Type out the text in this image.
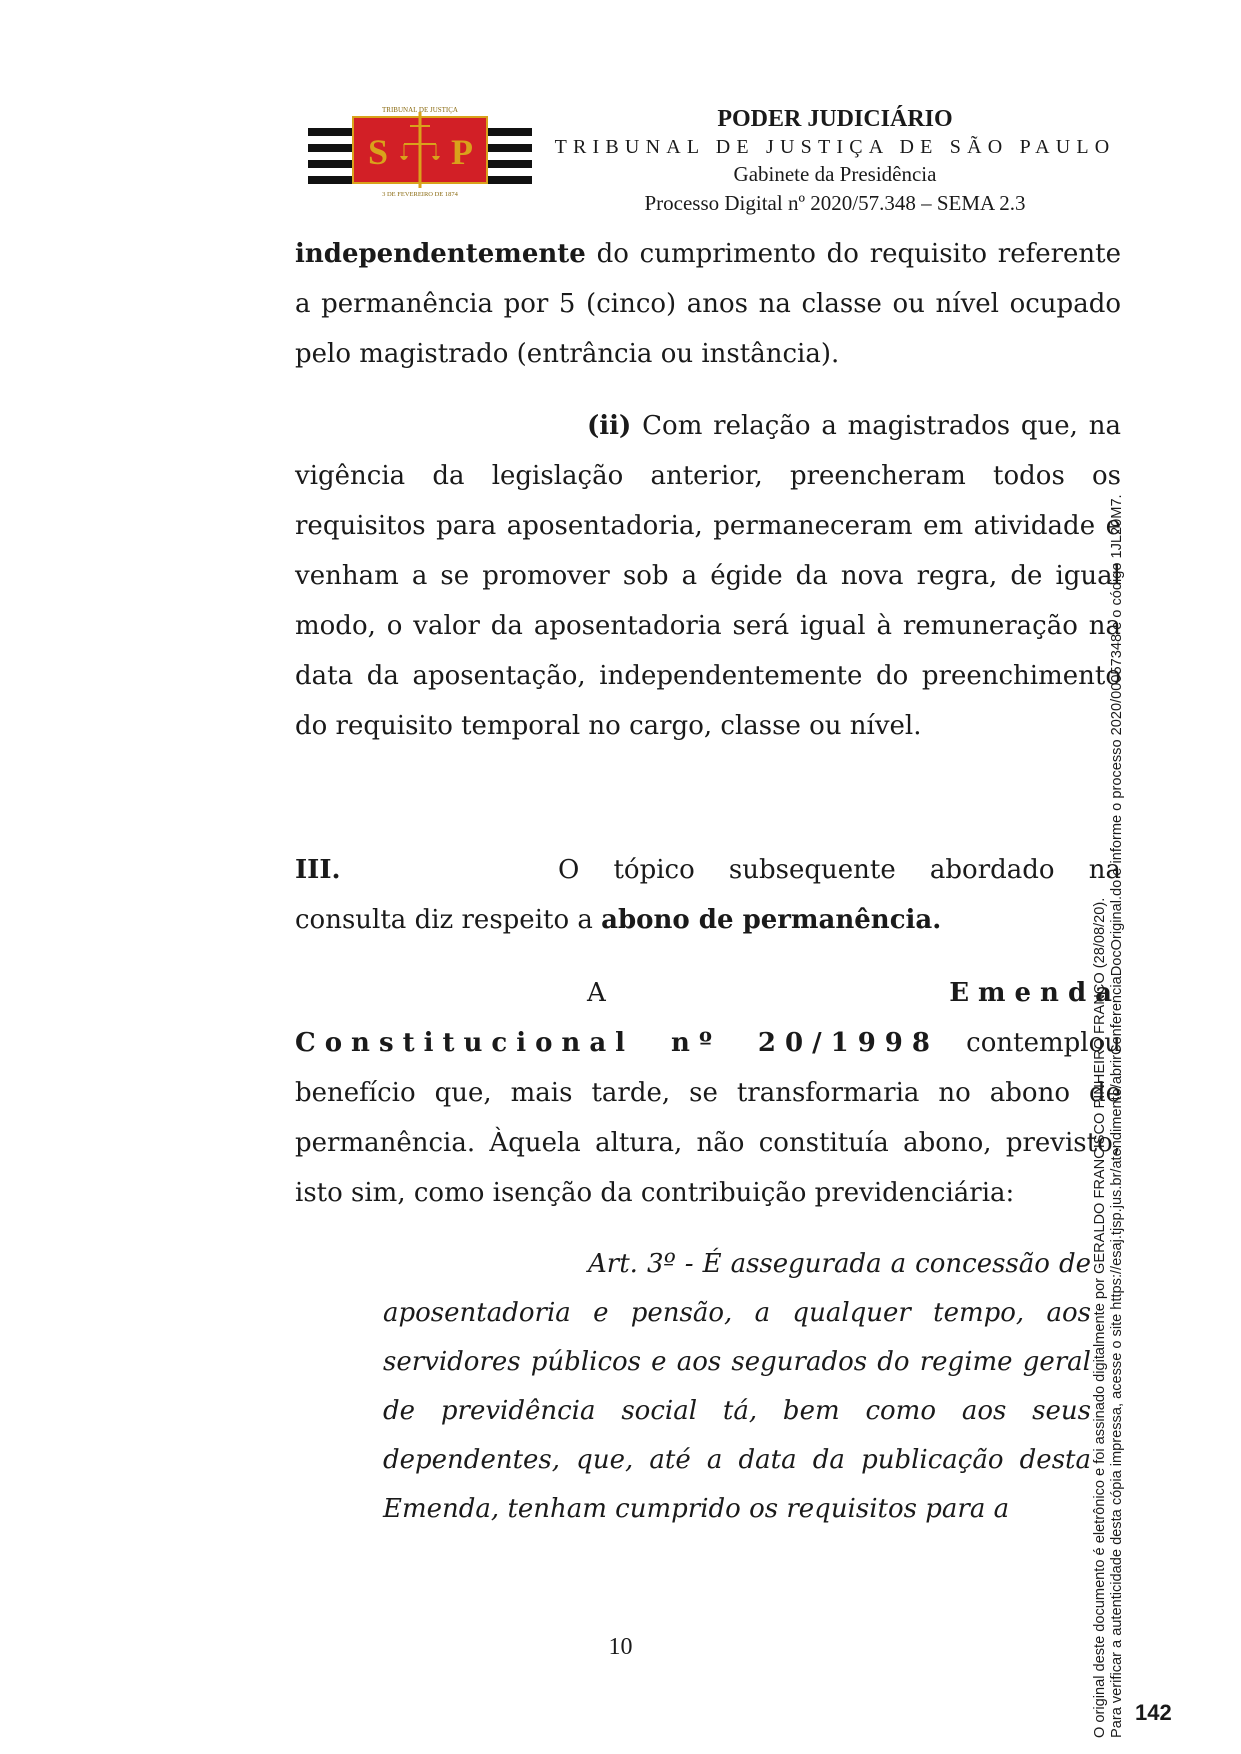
S P
TRIBUNAL DE JUSTIÇA
3 DE FEVEREIRO DE 1874
PODER JUDICIÁRIO
TRIBUNAL DE JUSTIÇA DE SÃO PAULO
Gabinete da Presidência
Processo Digital nº 2020/57.348 – SEMA 2.3

independentemente do cumprimento do requisito referente a permanência por 5 (cinco) anos na classe ou nível ocupado pelo magistrado (entrância ou instância).

(ii) Com relação a magistrados que, na vigência da legislação anterior, preencheram todos os requisitos para aposentadoria, permaneceram em atividade e venham a se promover sob a égide da nova regra, de igual modo, o valor da aposentadoria será igual à remuneração na data da aposentação, independentemente do preenchimento do requisito temporal no cargo, classe ou nível.

III.	O tópico subsequente abordado na consulta diz respeito a abono de permanência.

A Emenda Constitucional nº 20/1998 contemplou benefício que, mais tarde, se transformaria no abono de permanência. Àquela altura, não constituía abono, previsto, isto sim, como isenção da contribuição previdenciária:

Art. 3º - É assegurada a concessão de aposentadoria e pensão, a qualquer tempo, aos servidores públicos e aos segurados do regime geral de previdência social tá, bem como aos seus dependentes, que, até a data da publicação desta Emenda, tenham cumprido os requisitos para a

10	O original deste documento é eletrônico e foi assinado digitalmente por GERALDO FRANCISCO PINHEIRO FRANCO (28/08/20). Para verificar a autenticidade desta cópia impressa, acesse o site https://esaj.tjsp.jus.br/atendimento/abrirConferenciaDocOriginal.do e informe o processo 2020/00057348 e o código 1JL20M7. 142
